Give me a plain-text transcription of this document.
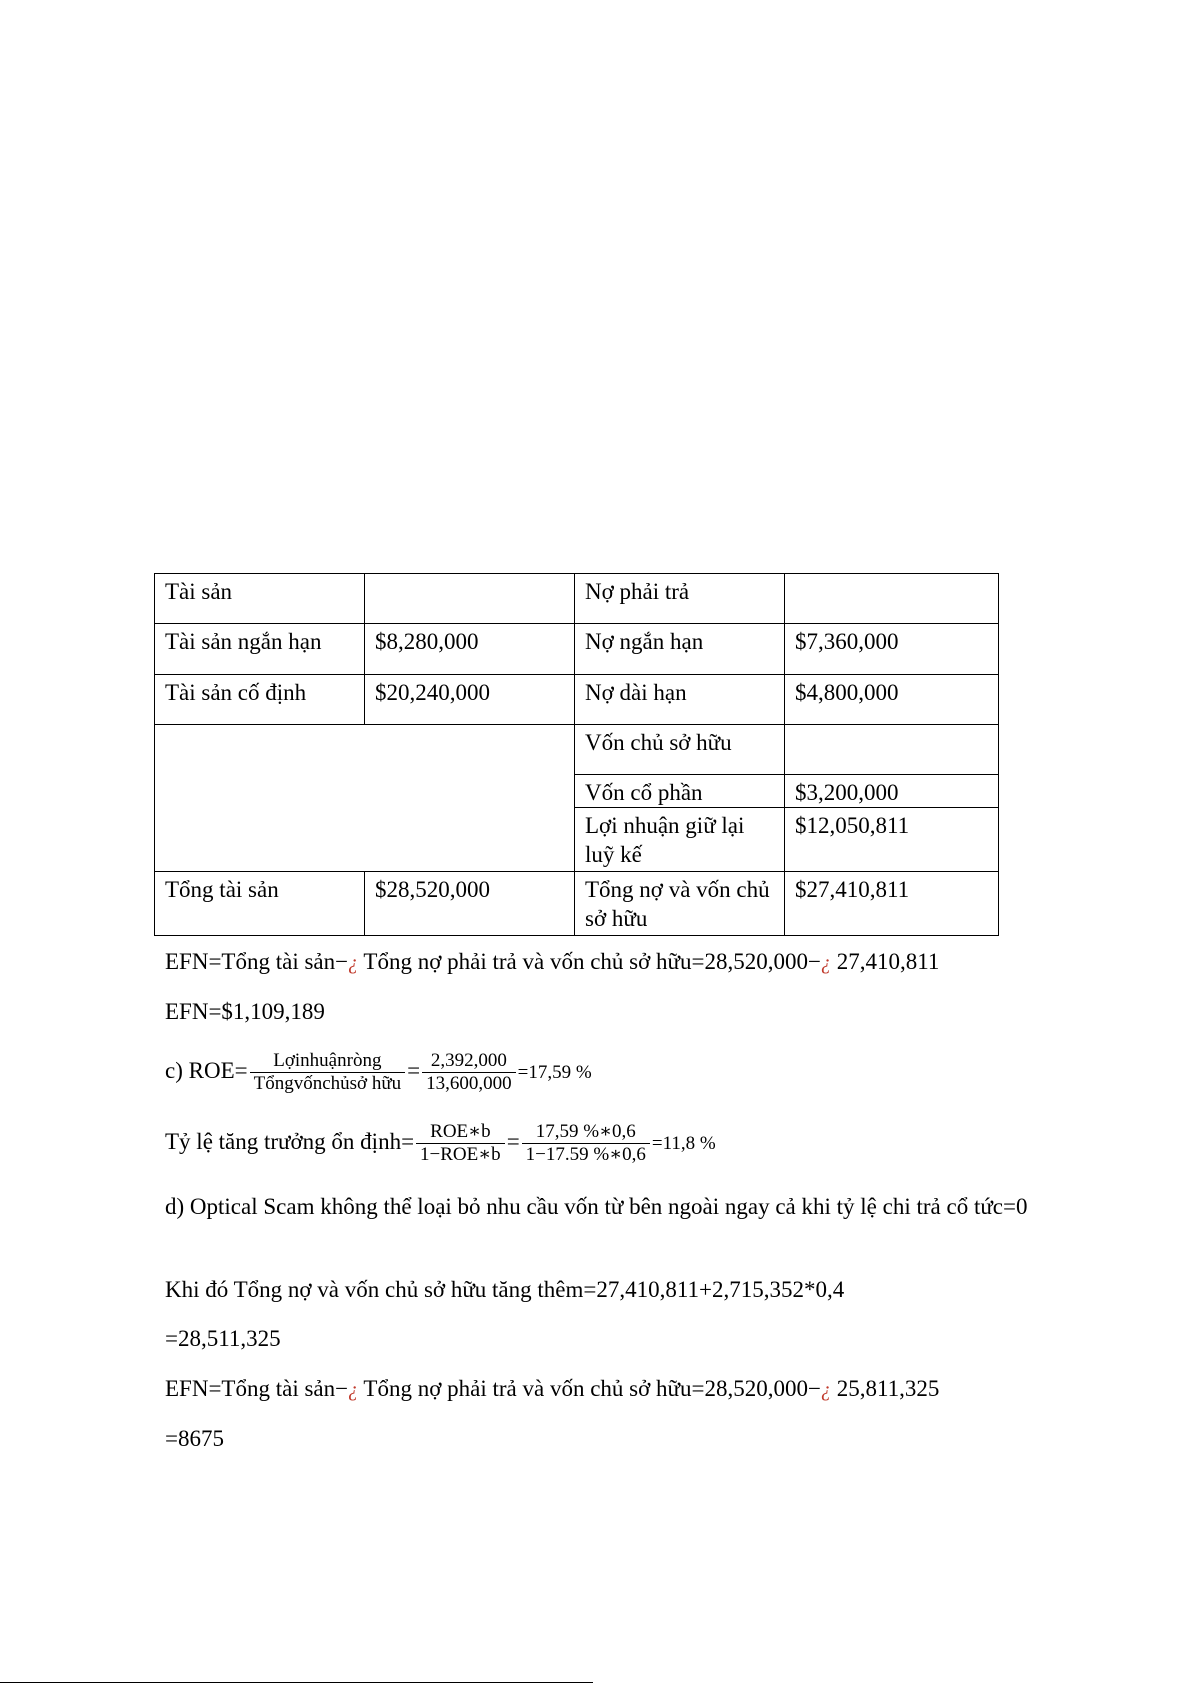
Tài sản		Nợ phải trả	
Tài sản ngắn hạn	$8,280,000	Nợ ngắn hạn	$7,360,000
Tài sản cố định	$20,240,000	Nợ dài hạn	$4,800,000
		Vốn chủ sở hữu	
		Vốn cổ phần	$3,200,000
		Lợi nhuận giữ lại luỹ kế	$12,050,811
Tổng tài sản	$28,520,000	Tổng nợ và vốn chủ sở hữu	$27,410,811
EFN=Tổng tài sản−¿ Tổng nợ phải trả và vốn chủ sở hữu=28,520,000−¿ 27,410,811
EFN=$1,109,189
c) $ROE= \frac{\text{Lợinhuậnròng}}{\text{Tổngvốnchủsở hữu}} = \frac{2,392,000}{13,600,000} =17,59$ %
Tỷ lệ tăng trưởng ổn định= $\frac{\text{ROE∗b}}{\text{1−ROE∗b}} = \frac{17,59 \%∗0,6}{1-17.59 \%∗0,6} =11,8$ %
d) Optical Scam không thể loại bỏ nhu cầu vốn từ bên ngoài ngay cả khi tỷ lệ chi trả cổ tức=0
Khi đó Tổng nợ và vốn chủ sở hữu tăng thêm=27,410,811+2,715,352*0,4
=28,511,325
EFN=Tổng tài sản−¿ Tổng nợ phải trả và vốn chủ sở hữu=28,520,000−¿ 25,811,325
=8675
